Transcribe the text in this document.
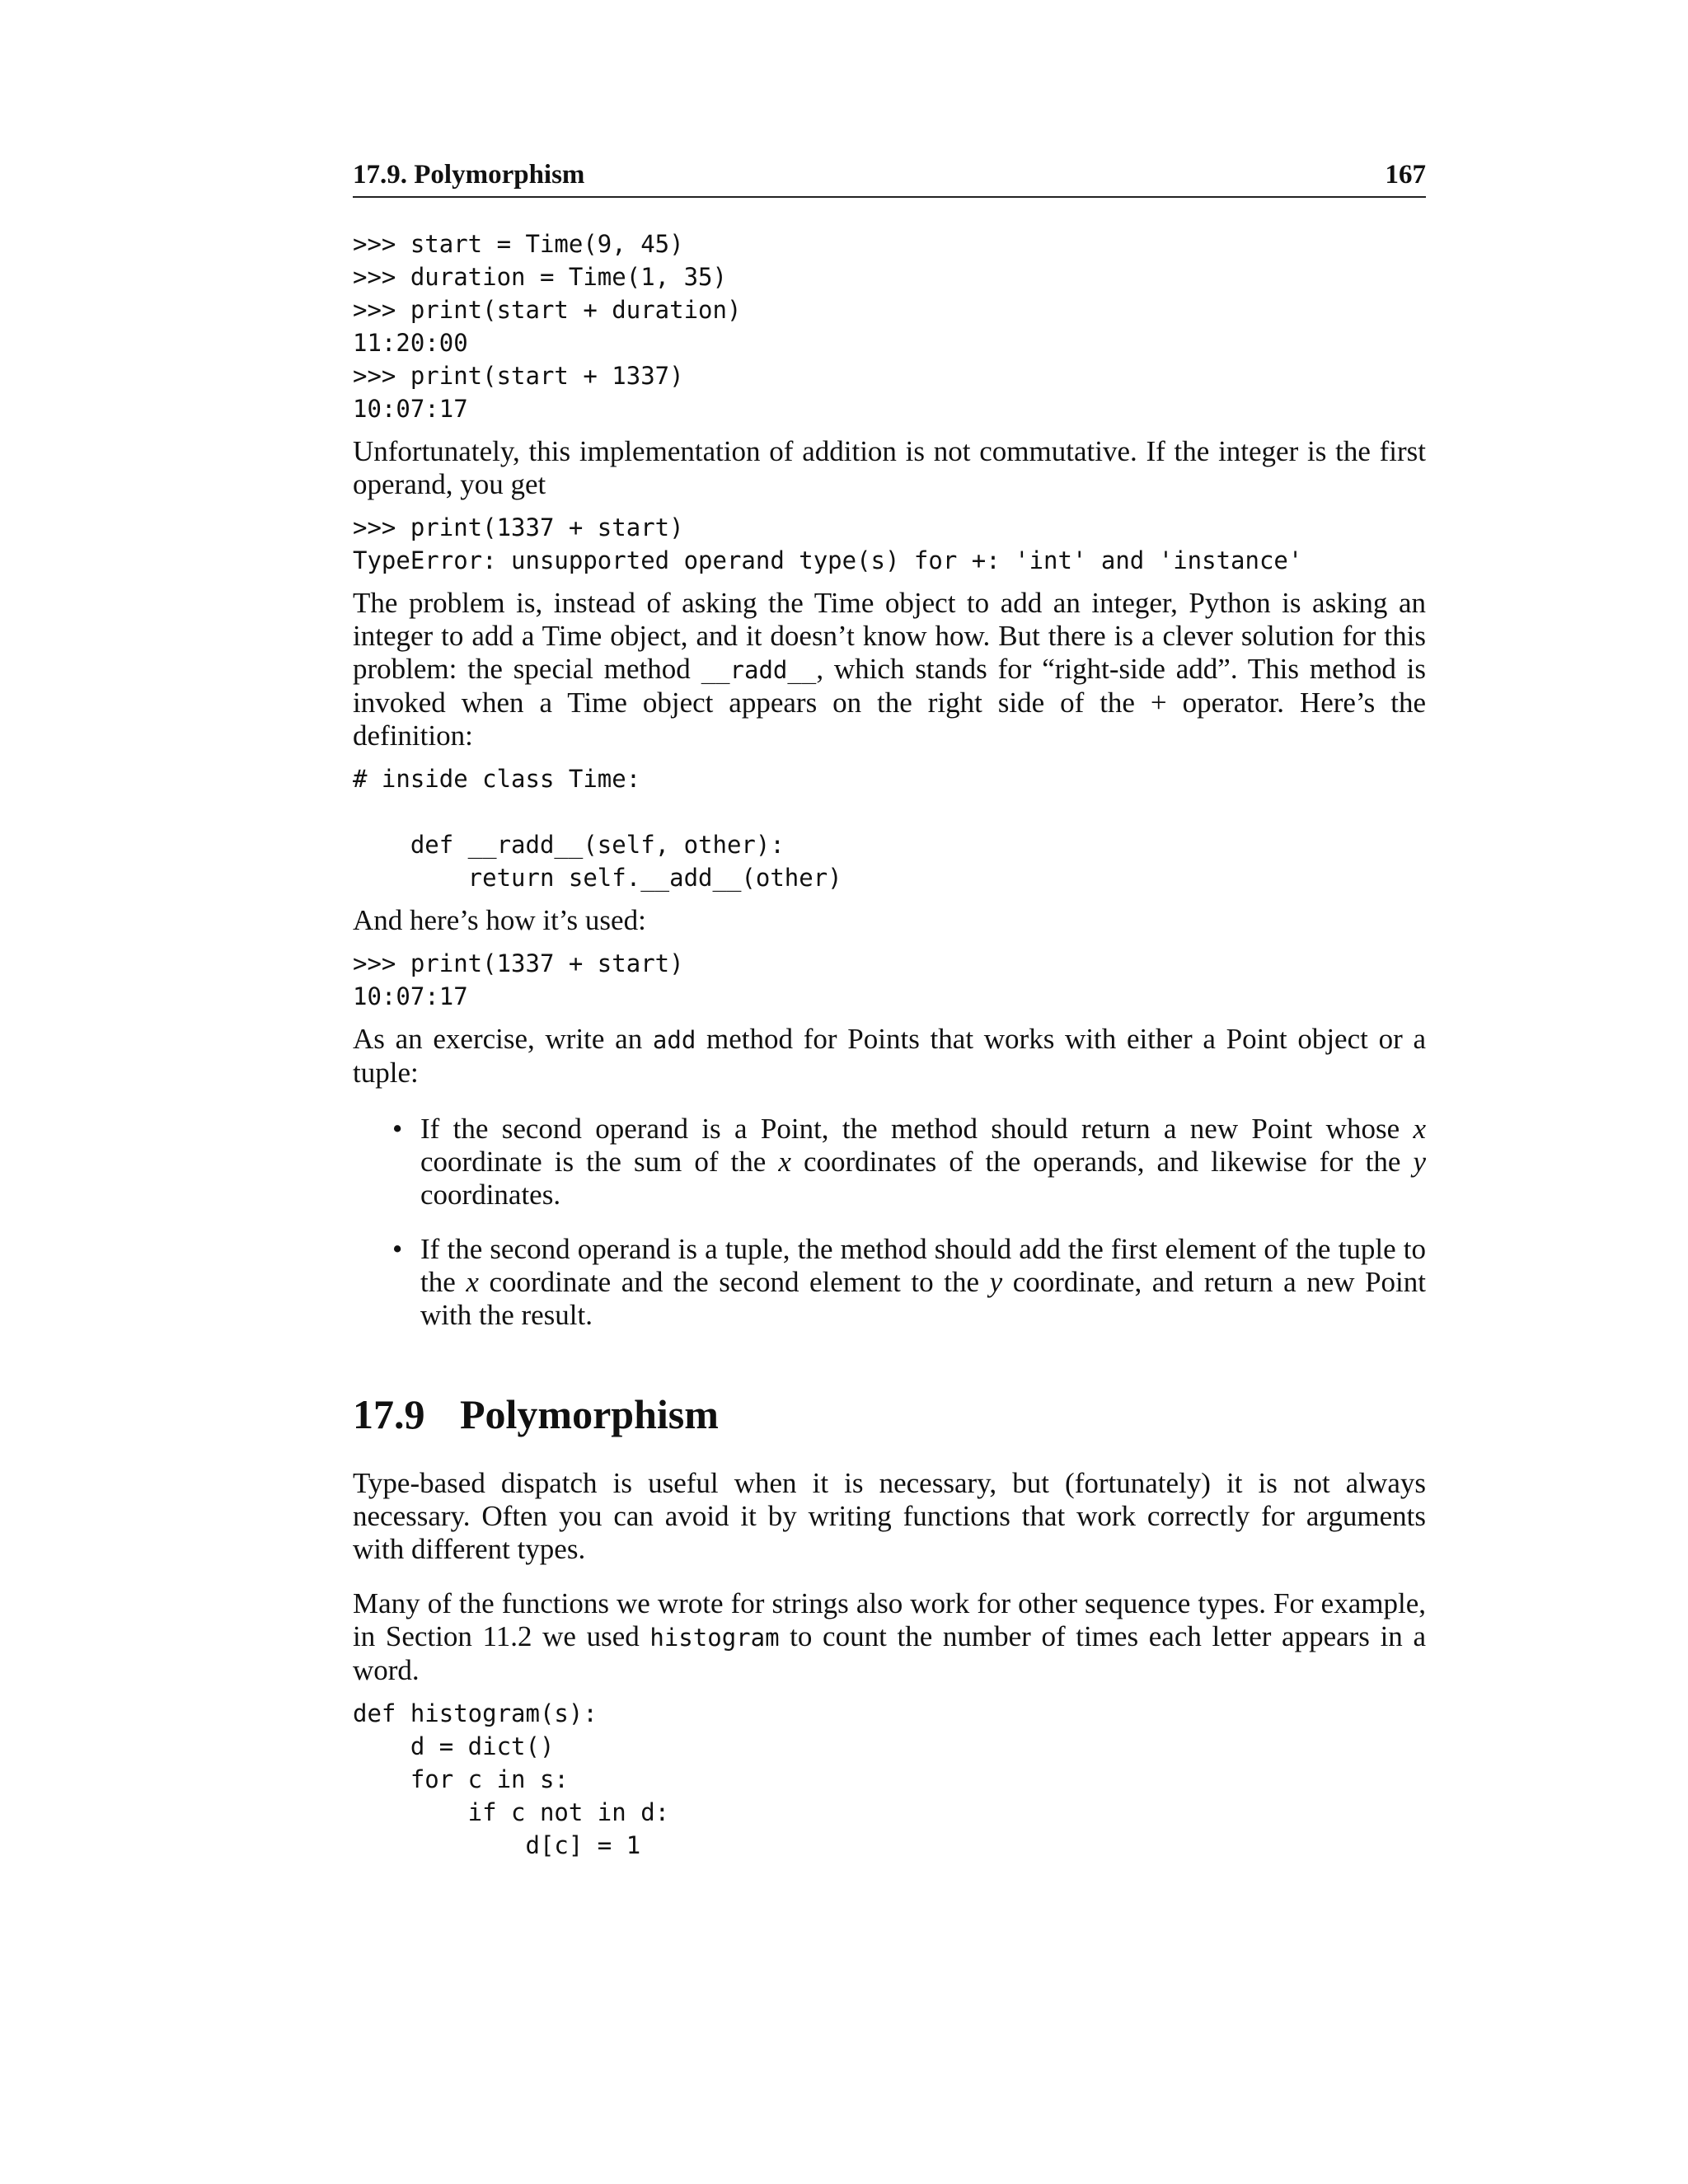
17.9. Polymorphism	167
>>> start = Time(9, 45)
>>> duration = Time(1, 35)
>>> print(start + duration)
11:20:00
>>> print(start + 1337)
10:07:17

Unfortunately, this implementation of addition is not commutative. If the integer is the first operand, you get

>>> print(1337 + start)
TypeError: unsupported operand type(s) for +: 'int' and 'instance'

The problem is, instead of asking the Time object to add an integer, Python is asking an integer to add a Time object, and it doesn’t know how. But there is a clever solution for this problem: the special method __radd__, which stands for “right-side add”. This method is invoked when a Time object appears on the right side of the + operator. Here’s the definition:

# inside class Time:

def __radd__(self, other):
return self.__add__(other)

And here’s how it’s used:

>>> print(1337 + start)
10:07:17

As an exercise, write an add method for Points that works with either a Point object or a tuple:

• If the second operand is a Point, the method should return a new Point whose x coordinate is the sum of the x coordinates of the operands, and likewise for the y coordinates.
• If the second operand is a tuple, the method should add the first element of the tuple to the x coordinate and the second element to the y coordinate, and return a new Point with the result.
17.9 Polymorphism

Type-based dispatch is useful when it is necessary, but (fortunately) it is not always necessary. Often you can avoid it by writing functions that work correctly for arguments with different types.

Many of the functions we wrote for strings also work for other sequence types. For example, in Section 11.2 we used histogram to count the number of times each letter appears in a word.

def histogram(s):
d = dict()
for c in s:
if c not in d:
d[c] = 1
